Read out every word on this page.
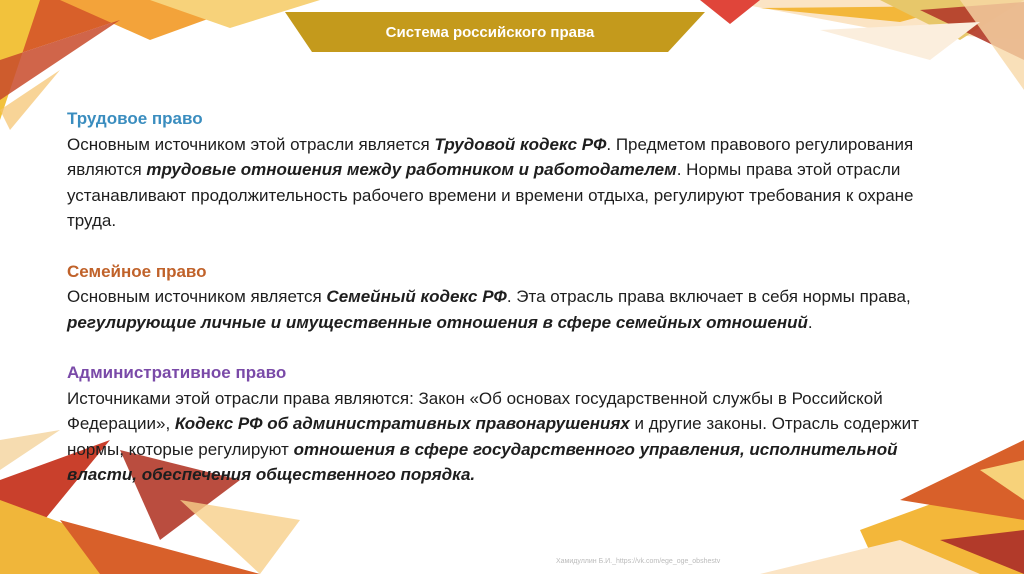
Система российского права
Трудовое право
Основным источником этой отрасли является Трудовой кодекс РФ. Предметом правового регулирования являются трудовые отношения между работником и работодателем. Нормы права этой отрасли устанавливают продолжительность рабочего времени и времени отдыха, регулируют требования к охране труда.
Семейное право
Основным источником является Семейный кодекс РФ. Эта отрасль права включает в себя нормы права, регулирующие личные и имущественные отношения в сфере семейных отношений.
Административное право
Источниками этой отрасли права являются: Закон «Об основах государственной службы в Российской Федерации», Кодекс РФ об административных правонарушениях и другие законы. Отрасль содержит нормы, которые регулируют отношения в сфере государственного управления, исполнительной власти, обеспечения общественного порядка.
Хамидуллин Б.И._https://vk.com/ege_oge_obshestv
